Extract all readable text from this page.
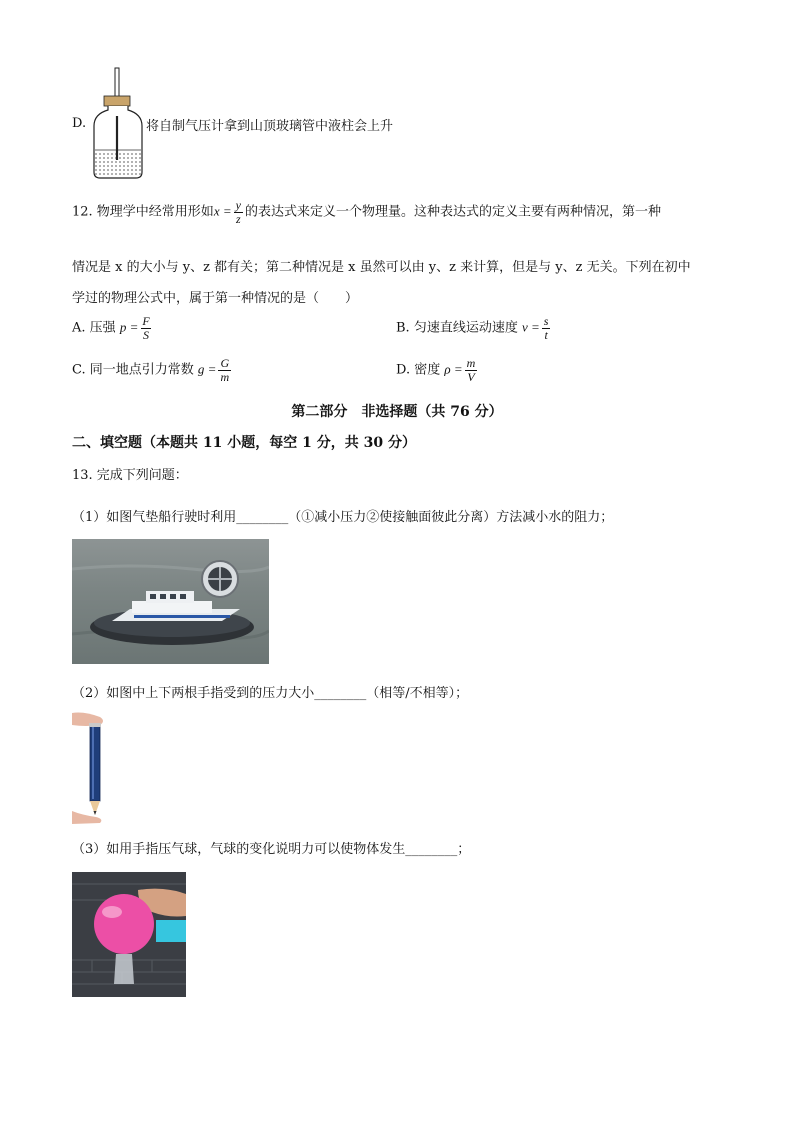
D.	将自制气压计拿到山顶玻璃管中液柱会上升
12. 物理学中经常用形如$x = \frac{y}{z}$ 的表达式来定义一个物理量。这种表达式的定义主要有两种情况，第一种
情况是 x 的大小与 y、z 都有关；第二种情况是 x 虽然可以由 y、z 来计算，但是与 y、z 无关。下列在初中
学过的物理公式中，属于第一种情况的是（　　）
A. 压强 $p = \frac{F}{S}$	B. 匀速直线运动速度 $v = \frac{s}{t}$
C. 同一地点引力常数 $g = \frac{G}{m}$	D. 密度 $\rho = \frac{m}{V}$
第二部分　非选择题（共 76 分）
二、填空题（本题共 11 小题，每空 1 分，共 30 分）
13. 完成下列问题：
（1）如图气垫船行驶时利用________（①减小压力②使接触面彼此分离）方法减小水的阻力；
（2）如图中上下两根手指受到的压力大小________（相等/不相等）；
（3）如用手指压气球，气球的变化说明力可以使物体发生________；
